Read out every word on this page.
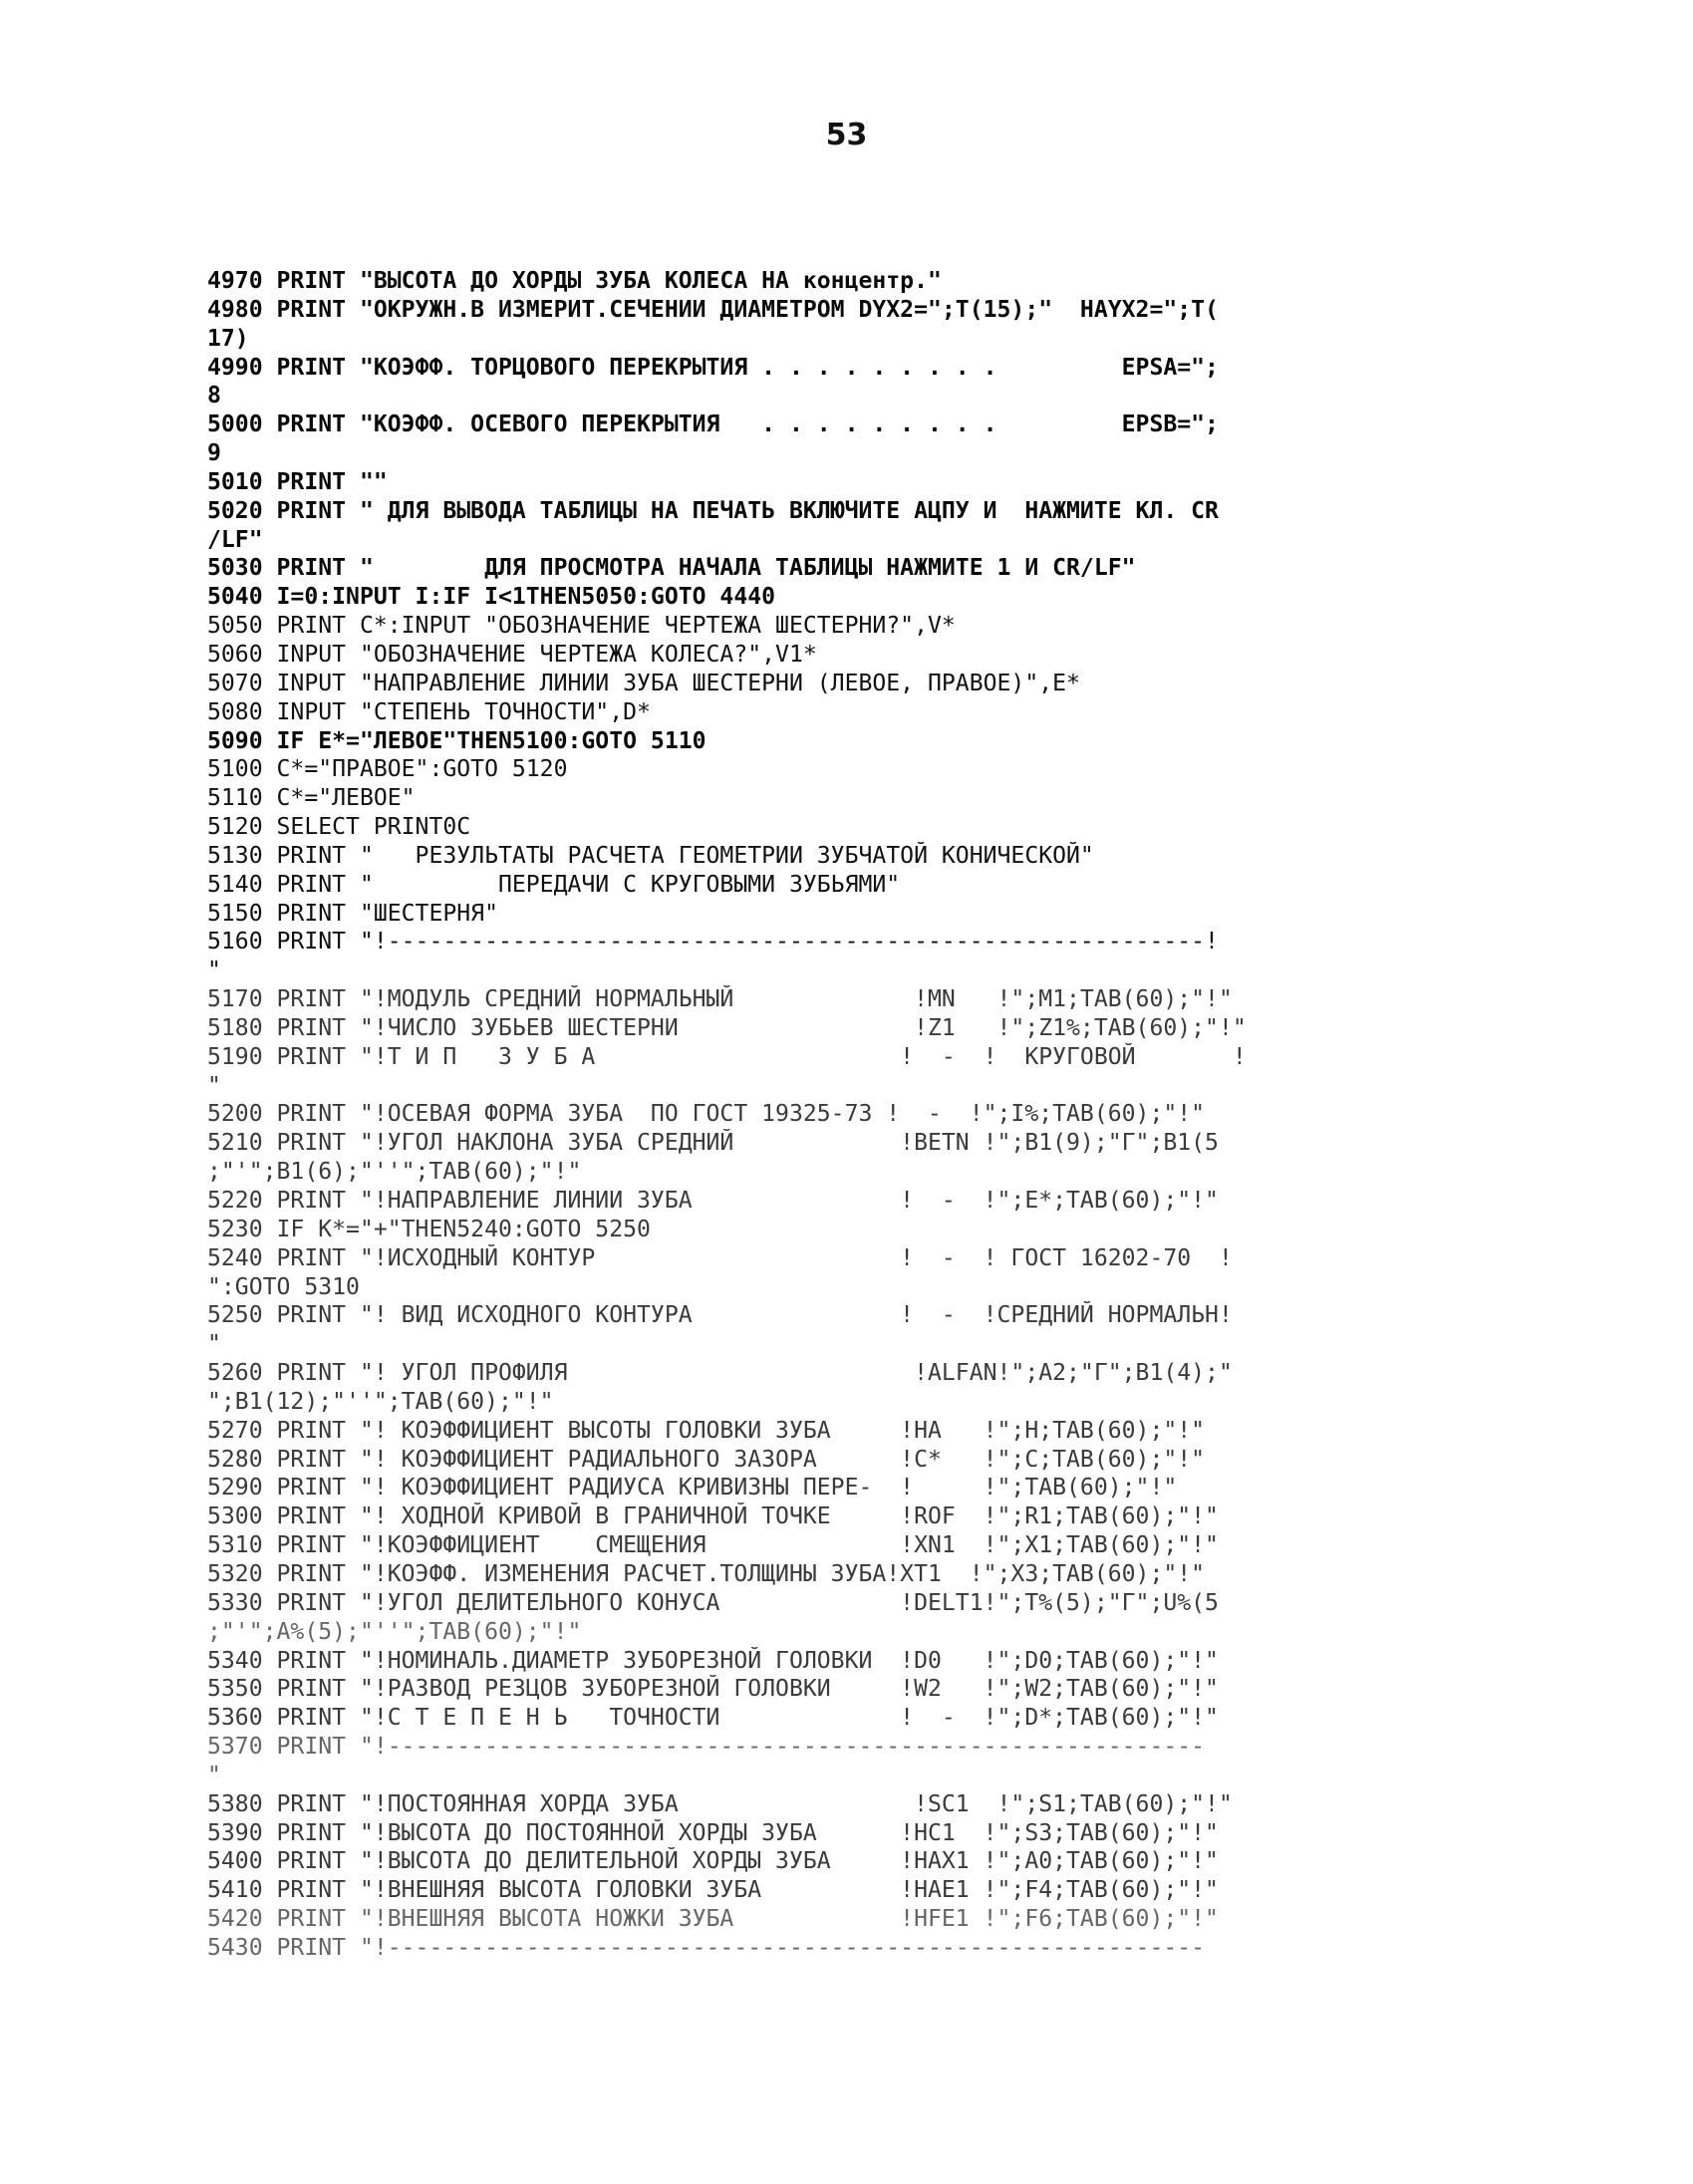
53
4970 PRINT "ВЫСОТА ДО ХОРДЫ ЗУБА КОЛЕСА НА концентр."
4980 PRINT "ОКРУЖН.В ИЗМЕРИТ.СЕЧЕНИИ ДИАМЕТРОМ DYX2=";T(15);"  HAYX2=";T(
17)
4990 PRINT "КОЭФФ. ТОРЦОВОГО ПЕРЕКРЫТИЯ . . . . . . . . .         EPSA=";
8
5000 PRINT "КОЭФФ. ОСЕВОГО ПЕРЕКРЫТИЯ   . . . . . . . . .         EPSB=";
9
5010 PRINT ""
5020 PRINT " ДЛЯ ВЫВОДА ТАБЛИЦЫ НА ПЕЧАТЬ ВКЛЮЧИТЕ АЦПУ И  НАЖМИТЕ КЛ. CR
/LF"
5030 PRINT "        ДЛЯ ПРОСМОТРА НАЧАЛА ТАБЛИЦЫ НАЖМИТЕ 1 И CR/LF"
5040 I=0:INPUT I:IF I<1THEN5050:GOTO 4440
5050 PRINT C*:INPUT "ОБОЗНАЧЕНИЕ ЧЕРТЕЖА ШЕСТЕРНИ?",V*
5060 INPUT "ОБОЗНАЧЕНИЕ ЧЕРТЕЖА КОЛЕСА?",V1*
5070 INPUT "НАПРАВЛЕНИЕ ЛИНИИ ЗУБА ШЕСТЕРНИ (ЛЕВОЕ, ПРАВОЕ)",E*
5080 INPUT "СТЕПЕНЬ ТОЧНОСТИ",D*
5090 IF E*="ЛЕВОЕ"THEN5100:GOTO 5110
5100 C*="ПРАВОЕ":GOTO 5120
5110 C*="ЛЕВОЕ"
5120 SELECT PRINT0C
5130 PRINT "   РЕЗУЛЬТАТЫ РАСЧЕТА ГЕОМЕТРИИ ЗУБЧАТОЙ КОНИЧЕСКОЙ"
5140 PRINT "         ПЕРЕДАЧИ С КРУГОВЫМИ ЗУБЬЯМИ"
5150 PRINT "ШЕСТЕРНЯ"
5160 PRINT "!-----------------------------------------------------------!
"
5170 PRINT "!МОДУЛЬ СРЕДНИЙ НОРМАЛЬНЫЙ             !MN   !";M1;TAB(60);"!"
5180 PRINT "!ЧИСЛО ЗУБЬЕВ ШЕСТЕРНИ                 !Z1   !";Z1%;TAB(60);"!"
5190 PRINT "!Т И П   З У Б А                      !  -  !  КРУГОВОЙ       !
"
5200 PRINT "!ОСЕВАЯ ФОРМА ЗУБА  ПО ГОСТ 19325-73 !  -  !";I%;TAB(60);"!"
5210 PRINT "!УГОЛ НАКЛОНА ЗУБА СРЕДНИЙ            !BETN !";B1(9);"Г";B1(5
;"'";B1(6);"''";TAB(60);"!"
5220 PRINT "!НАПРАВЛЕНИЕ ЛИНИИ ЗУБА               !  -  !";E*;TAB(60);"!"
5230 IF K*="+"THEN5240:GOTO 5250
5240 PRINT "!ИСХОДНЫЙ КОНТУР                      !  -  ! ГОСТ 16202-70  !
":GOTO 5310
5250 PRINT "! ВИД ИСХОДНОГО КОНТУРА               !  -  !СРЕДНИЙ НОРМАЛЬН!
"
5260 PRINT "! УГОЛ ПРОФИЛЯ                         !ALFAN!";A2;"Г";B1(4);"
";B1(12);"''";TAB(60);"!"
5270 PRINT "! КОЭФФИЦИЕНТ ВЫСОТЫ ГОЛОВКИ ЗУБА     !HA   !";H;TAB(60);"!"
5280 PRINT "! КОЭФФИЦИЕНТ РАДИАЛЬНОГО ЗАЗОРА      !C*   !";C;TAB(60);"!"
5290 PRINT "! КОЭФФИЦИЕНТ РАДИУСА КРИВИЗНЫ ПЕРЕ-  !     !";TAB(60);"!"
5300 PRINT "! ХОДНОЙ КРИВОЙ В ГРАНИЧНОЙ ТОЧКЕ     !ROF  !";R1;TAB(60);"!"
5310 PRINT "!КОЭФФИЦИЕНТ    СМЕЩЕНИЯ              !XN1  !";X1;TAB(60);"!"
5320 PRINT "!КОЭФФ. ИЗМЕНЕНИЯ РАСЧЕТ.ТОЛЩИНЫ ЗУБА!XT1  !";X3;TAB(60);"!"
5330 PRINT "!УГОЛ ДЕЛИТЕЛЬНОГО КОНУСА             !DELT1!";T%(5);"Г";U%(5
;"'";A%(5);"''";TAB(60);"!"
5340 PRINT "!НОМИНАЛЬ.ДИАМЕТР ЗУБОРЕЗНОЙ ГОЛОВКИ  !D0   !";D0;TAB(60);"!"
5350 PRINT "!РАЗВОД РЕЗЦОВ ЗУБОРЕЗНОЙ ГОЛОВКИ     !W2   !";W2;TAB(60);"!"
5360 PRINT "!С Т Е П Е Н Ь   ТОЧНОСТИ             !  -  !";D*;TAB(60);"!"
5370 PRINT "!-----------------------------------------------------------
"
5380 PRINT "!ПОСТОЯННАЯ ХОРДА ЗУБА                 !SC1  !";S1;TAB(60);"!"
5390 PRINT "!ВЫСОТА ДО ПОСТОЯННОЙ ХОРДЫ ЗУБА      !HC1  !";S3;TAB(60);"!"
5400 PRINT "!ВЫСОТА ДО ДЕЛИТЕЛЬНОЙ ХОРДЫ ЗУБА     !HAX1 !";A0;TAB(60);"!"
5410 PRINT "!ВНЕШНЯЯ ВЫСОТА ГОЛОВКИ ЗУБА          !HAE1 !";F4;TAB(60);"!"
5420 PRINT "!ВНЕШНЯЯ ВЫСОТА НОЖКИ ЗУБА            !HFE1 !";F6;TAB(60);"!"
5430 PRINT "!-----------------------------------------------------------
